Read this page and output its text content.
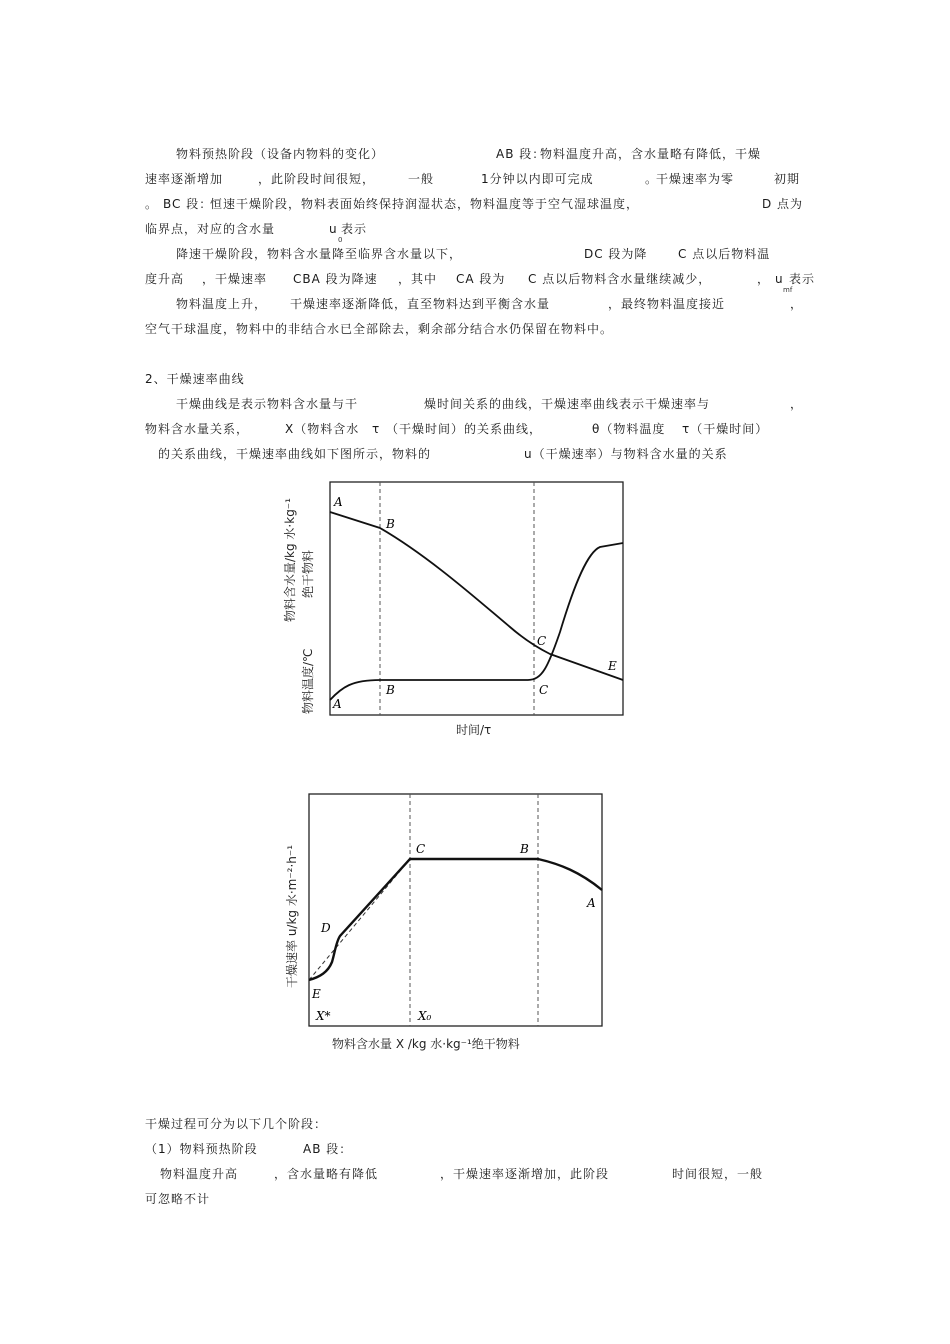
物料预热阶段（设备内物料的变化）	AB 段：
物料温度升高，含水量略有降低，干燥
速率逐渐增加	，此阶段时间很短，	一般	1分钟以内即可完成	。
干燥速率为零	初期
。 BC 段：
恒速干燥阶段，物料表面始终保持润湿状态，物料温度等于空气湿球温度，	D 点为
临界点，对应的含水量	u
0
表示
降速干燥阶段，物料含水量降至临界含水量以下，	DC 段为降	C 点以后物料温
度升高 ，干燥速率 CBA 段为降速 ，其中 CA 段为 C 点以后物料含水量继续减少，	， u
mf
表示
物料温度上升， 干燥速率逐渐降低，直至物料达到平衡含水量	，最终物料温度接近	，
空气干球温度，物料中的非结合水已全部除去，剩余部分结合水仍保留在物料中。
2、干燥速率曲线
干燥曲线是表示物料含水量与干	燥时间关系的曲线，干燥速率曲线表示干燥速率与	，
物料含水量关系，	X（物料含水 τ （干燥时间）的关系曲线，	θ（物料温度 τ（干燥时间）
的关系曲线，干燥速率曲线如下图所示，物料的	u（干燥速率）与物料含水量的关系
A
B
C
E
A
B	C
物料含水量/kg 水·kg⁻¹ 绝干物料
物料温度/℃
时间/τ
C	B
A
D
E
X*	X₀
干燥速率 u/kg 水·m⁻²·h⁻¹
物料含水量 X /kg 水·kg⁻¹绝干物料
干燥过程可分为以下几个阶段：
（1）物料预热阶段	AB 段：
物料温度升高	，含水量略有降低	，干燥速率逐渐增加，此阶段	时间很短，一般
可忽略不计
